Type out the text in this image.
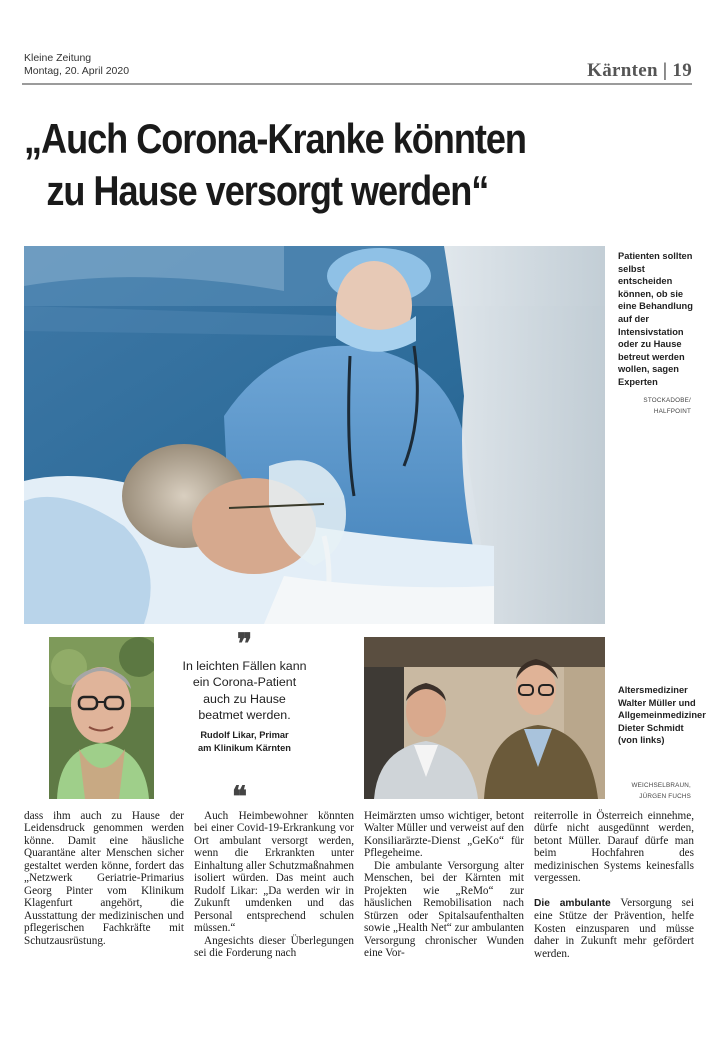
Kleine Zeitung
Montag, 20. April 2020	Kärnten | 19
„Auch Corona-Kranke könnten
zu Hause versorgt werden“
Patienten sollten selbst entscheiden können, ob sie eine Behandlung auf der Intensivstation oder zu Hause betreut werden wollen, sagen Experten
STOCKADOBE/
HALFPOINT
❞
In leichten Fällen kann ein Corona-Patient auch zu Hause beatmet werden.
Rudolf Likar, Primar
am Klinikum Kärnten
❝
Altersmediziner Walter Müller und Allgemeinmediziner Dieter Schmidt (von links)
WEICHSELBRAUN,
JÜRGEN FUCHS

dass ihm auch zu Hause der Leidensdruck genommen werden könne. Damit eine häusliche Quarantäne alter Menschen sicher gestaltet werden könne, fordert das „Netzwerk Geriatrie-Primarius Georg Pinter vom Klinikum Klagenfurt angehört, die Ausstattung der medizinischen und pflegerischen Fachkräfte mit Schutzausrüstung.

Auch Heimbewohner könnten bei einer Covid-19-Erkrankung vor Ort ambulant versorgt werden, wenn die Erkrankten unter Einhaltung aller Schutzmaßnahmen isoliert würden. Das meint auch Rudolf Likar: „Da werden wir in Zukunft umdenken und das Personal entsprechend schulen müssen.“

Angesichts dieser Überlegungen sei die Forderung nach

Heimärzten umso wichtiger, betont Walter Müller und verweist auf den Konsiliarärzte-Dienst „GeKo“ für Pflegeheime.

Die ambulante Versorgung alter Menschen, bei der Kärnten mit Projekten wie „ReMo“ zur häuslichen Remobilisation nach Stürzen oder Spitalsaufenthalten sowie „Health Net“ zur ambulanten Versorgung chronischer Wunden eine Vor-

reiterrolle in Österreich einnehme, dürfe nicht ausgedünnt werden, betont Müller. Darauf dürfe man beim Hochfahren des medizinischen Systems keinesfalls vergessen.

Die ambulante Versorgung sei eine Stütze der Prävention, helfe Kosten einzusparen und müsse daher in Zukunft mehr gefördert werden.
